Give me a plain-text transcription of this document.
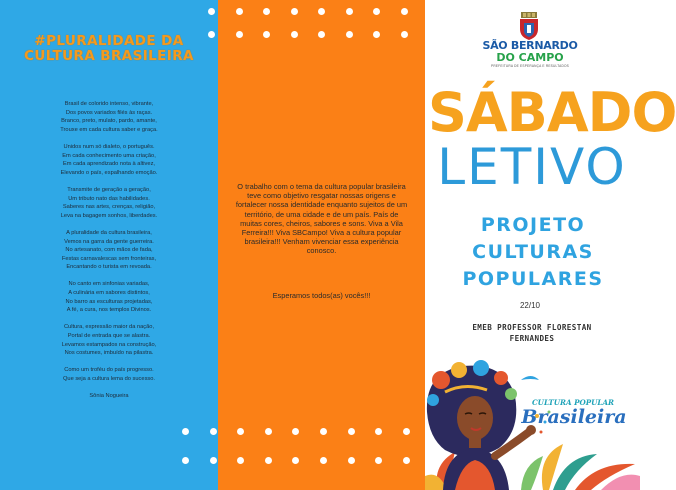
#PLURALIDADE DA CULTURA BRASILEIRA
Brasil de colorido intenso, vibrante,
Dos povos variados filés às raças.
Branco, preto, mulato, pardo, amante,
Trouxe em cada cultura saber e graça.
Unidos num só dialeto, o português.
Em cada conhecimento uma criação,
Em cada aprendizado nota à altivez,
Elevando o país, espalhando emoção.
Transmite de geração a geração,
Um tributo nato das habilidades.
Saberes nas artes, crenças, religião,
Leva na bagagem sonhos, liberdades.
A pluralidade da cultura brasileira,
Vemos na garra da gente guerreira.
No artesanato, com mãos de fada,
Festas carnavalescas sem fronteiras,
Encantando o turista em revoada.
No canto em sinfonias variadas,
A culinária em sabores distintos,
No barro as esculturas projetadas,
A fé, a cura, nos templos Divinos.
Cultura, expressão maior da nação,
Portal de entrada que se alastra.
Levamos estampados na construção,
Nos costumes, imbuído na pilastra.
Como um troféu do país progresso.
Que seja a cultura lema do sucesso.
Sônia Nogueira
O trabalho com o tema da cultura popular brasileira teve como objetivo resgatar nossas origens e fortalecer nossa identidade enquanto sujeitos de um território, de uma cidade e de um país. País de muitas cores, cheiros, sabores e sons. Viva a Vila Ferreira!!! Viva SBCampo! Viva a cultura popular brasileira!!! Venham vivenciar essa experiência conosco.
Esperamos todos(as) vocês!!!
SÃO BERNARDO
DO CAMPO
PREFEITURA DE ESPERANÇA E RESULTADOS
SÁBADO
LETIVO
PROJETO
CULTURAS
POPULARES
22/10
EMEB PROFESSOR FLORESTAN
FERNANDES
CULTURA POPULAR
Brasileira
